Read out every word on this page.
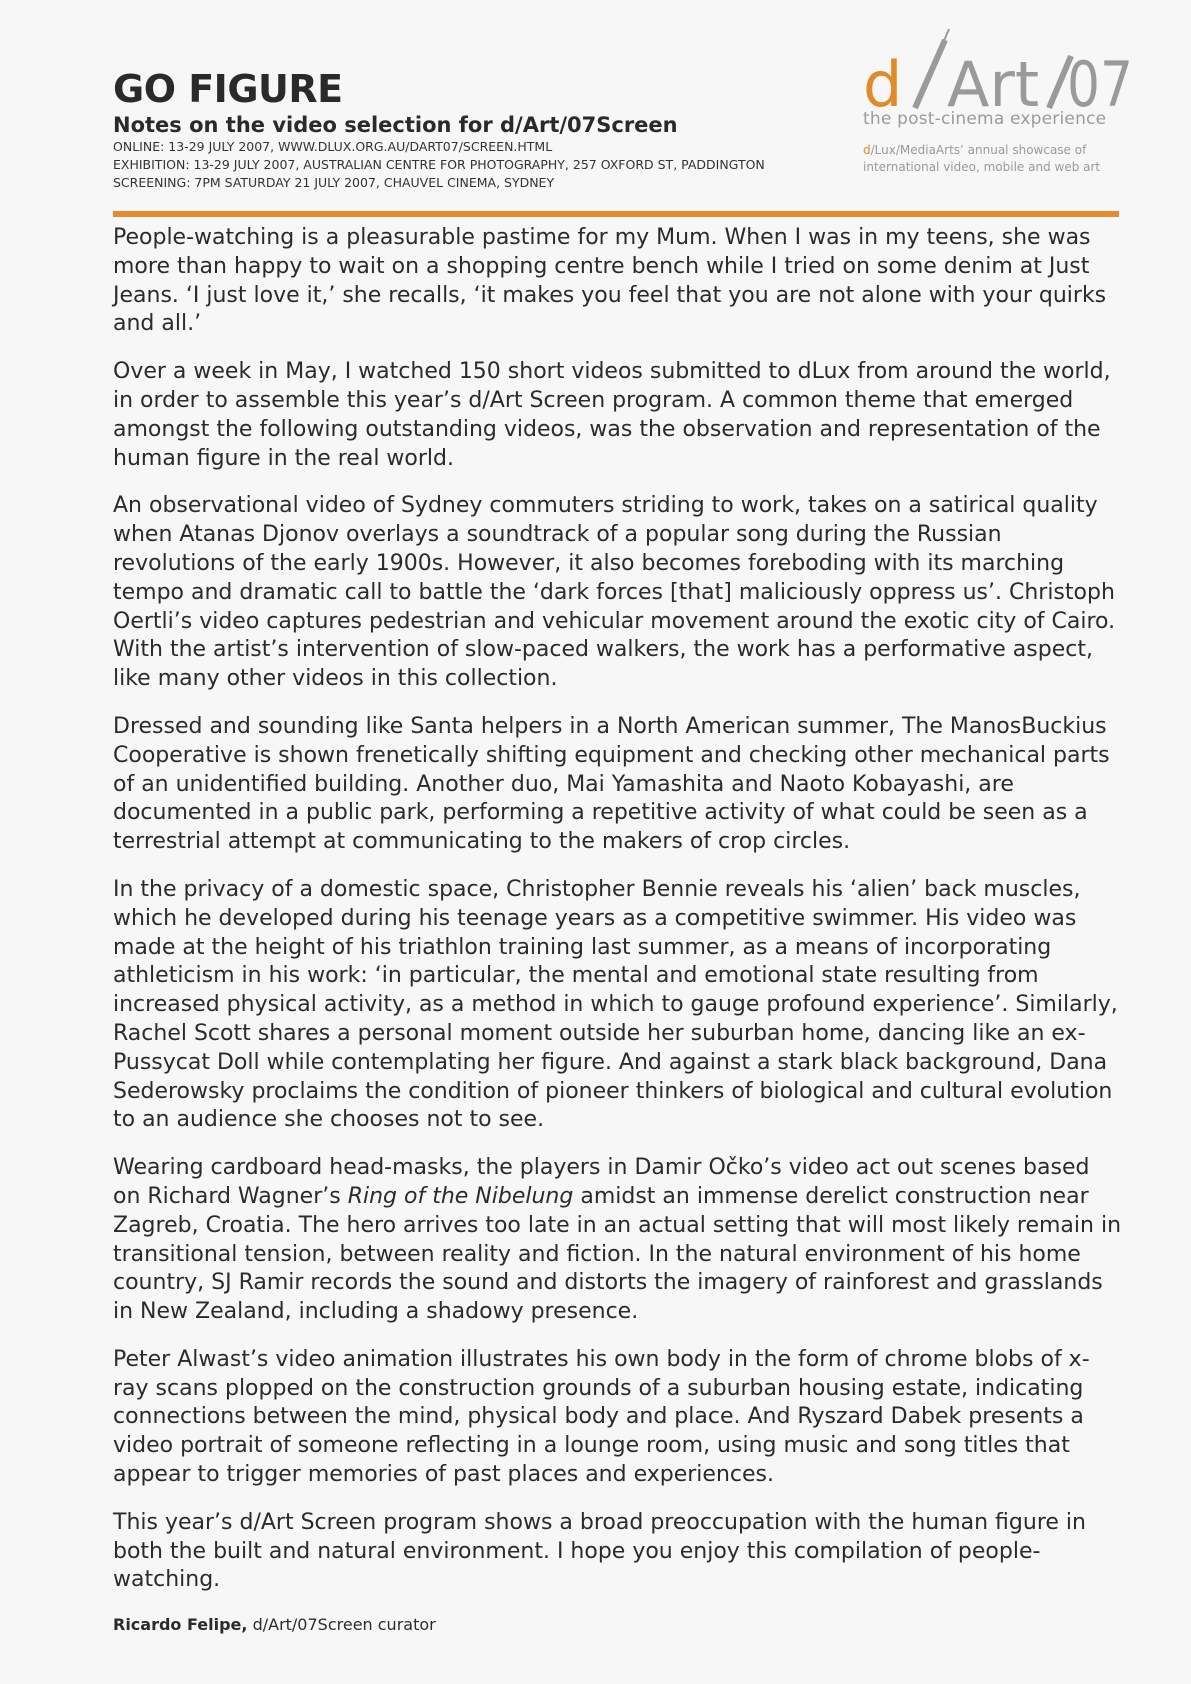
GO FIGURE
Notes on the video selection for d/Art/07Screen
ONLINE: 13-29 JULY 2007, WWW.DLUX.ORG.AU/DART07/SCREEN.HTML
EXHIBITION: 13-29 JULY 2007, AUSTRALIAN CENTRE FOR PHOTOGRAPHY, 257 OXFORD ST, PADDINGTON
SCREENING: 7PM SATURDAY 21 JULY 2007, CHAUVEL CINEMA, SYDNEY
d Art 07
the post-cinema experience
d/Lux/MediaArts’ annual showcase of
international video, mobile and web art

People-watching is a pleasurable pastime for my Mum. When I was in my teens, she was more than happy to wait on a shopping centre bench while I tried on some denim at Just Jeans. ‘I just love it,’ she recalls, ‘it makes you feel that you are not alone with your quirks and all.’

Over a week in May, I watched 150 short videos submitted to dLux from around the world, in order to assemble this year’s d/Art Screen program. A common theme that emerged amongst the following outstanding videos, was the observation and representation of the human figure in the real world.

An observational video of Sydney commuters striding to work, takes on a satirical quality when Atanas Djonov overlays a soundtrack of a popular song during the Russian revolutions of the early 1900s. However, it also becomes foreboding with its marching tempo and dramatic call to battle the ‘dark forces [that] maliciously oppress us’. Christoph Oertli’s video captures pedestrian and vehicular movement around the exotic city of Cairo. With the artist’s intervention of slow-paced walkers, the work has a performative aspect, like many other videos in this collection.

Dressed and sounding like Santa helpers in a North American summer, The ManosBuckius Cooperative is shown frenetically shifting equipment and checking other mechanical parts of an unidentified building. Another duo, Mai Yamashita and Naoto Kobayashi, are documented in a public park, performing a repetitive activity of what could be seen as a terrestrial attempt at communicating to the makers of crop circles.

In the privacy of a domestic space, Christopher Bennie reveals his ‘alien’ back muscles, which he developed during his teenage years as a competitive swimmer. His video was made at the height of his triathlon training last summer, as a means of incorporating athleticism in his work: ‘in particular, the mental and emotional state resulting from increased physical activity, as a method in which to gauge profound experience’. Similarly, Rachel Scott shares a personal moment outside her suburban home, dancing like an ex-Pussycat Doll while contemplating her figure. And against a stark black background, Dana Sederowsky proclaims the condition of pioneer thinkers of biological and cultural evolution to an audience she chooses not to see.

Wearing cardboard head-masks, the players in Damir Očko’s video act out scenes based on Richard Wagner’s Ring of the Nibelung amidst an immense derelict construction near Zagreb, Croatia. The hero arrives too late in an actual setting that will most likely remain in transitional tension, between reality and fiction. In the natural environment of his home country, SJ Ramir records the sound and distorts the imagery of rainforest and grasslands in New Zealand, including a shadowy presence.

Peter Alwast’s video animation illustrates his own body in the form of chrome blobs of x-ray scans plopped on the construction grounds of a suburban housing estate, indicating connections between the mind, physical body and place. And Ryszard Dabek presents a video portrait of someone reflecting in a lounge room, using music and song titles that appear to trigger memories of past places and experiences.

This year’s d/Art Screen program shows a broad preoccupation with the human figure in both the built and natural environment. I hope you enjoy this compilation of people-watching.

Ricardo Felipe, d/Art/07Screen curator
